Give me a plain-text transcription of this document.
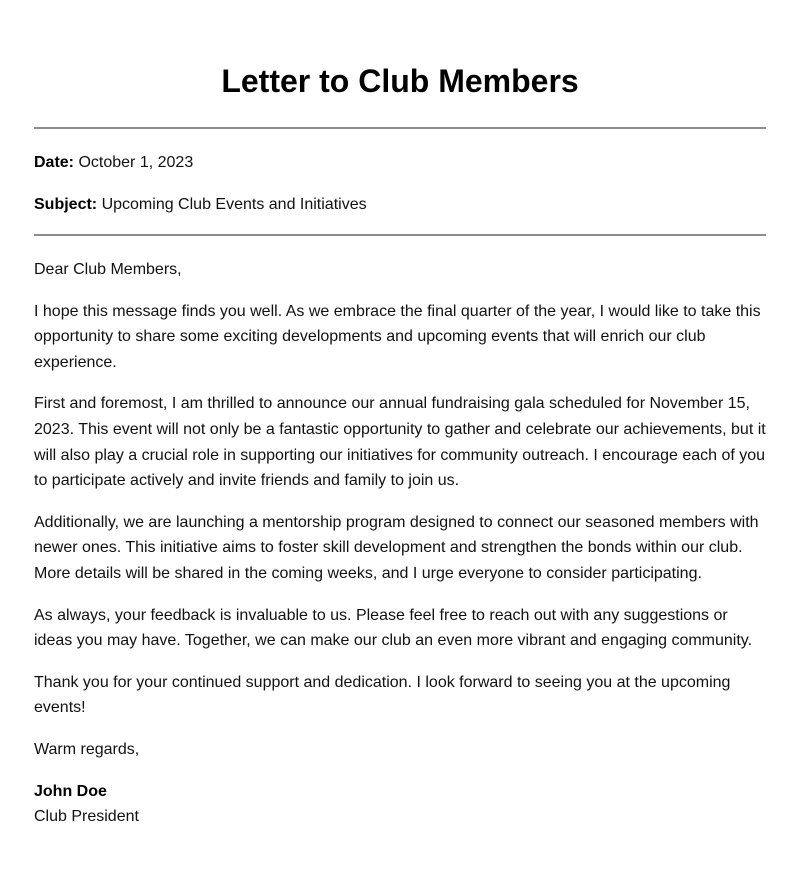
Letter to Club Members

Date: October 1, 2023

Subject: Upcoming Club Events and Initiatives

Dear Club Members,

I hope this message finds you well. As we embrace the final quarter of the year, I would like to take this opportunity to share some exciting developments and upcoming events that will enrich our club experience.

First and foremost, I am thrilled to announce our annual fundraising gala scheduled for November 15, 2023. This event will not only be a fantastic opportunity to gather and celebrate our achievements, but it will also play a crucial role in supporting our initiatives for community outreach. I encourage each of you to participate actively and invite friends and family to join us.

Additionally, we are launching a mentorship program designed to connect our seasoned members with newer ones. This initiative aims to foster skill development and strengthen the bonds within our club. More details will be shared in the coming weeks, and I urge everyone to consider participating.

As always, your feedback is invaluable to us. Please feel free to reach out with any suggestions or ideas you may have. Together, we can make our club an even more vibrant and engaging community.

Thank you for your continued support and dedication. I look forward to seeing you at the upcoming events!

Warm regards,

John Doe

Club President
